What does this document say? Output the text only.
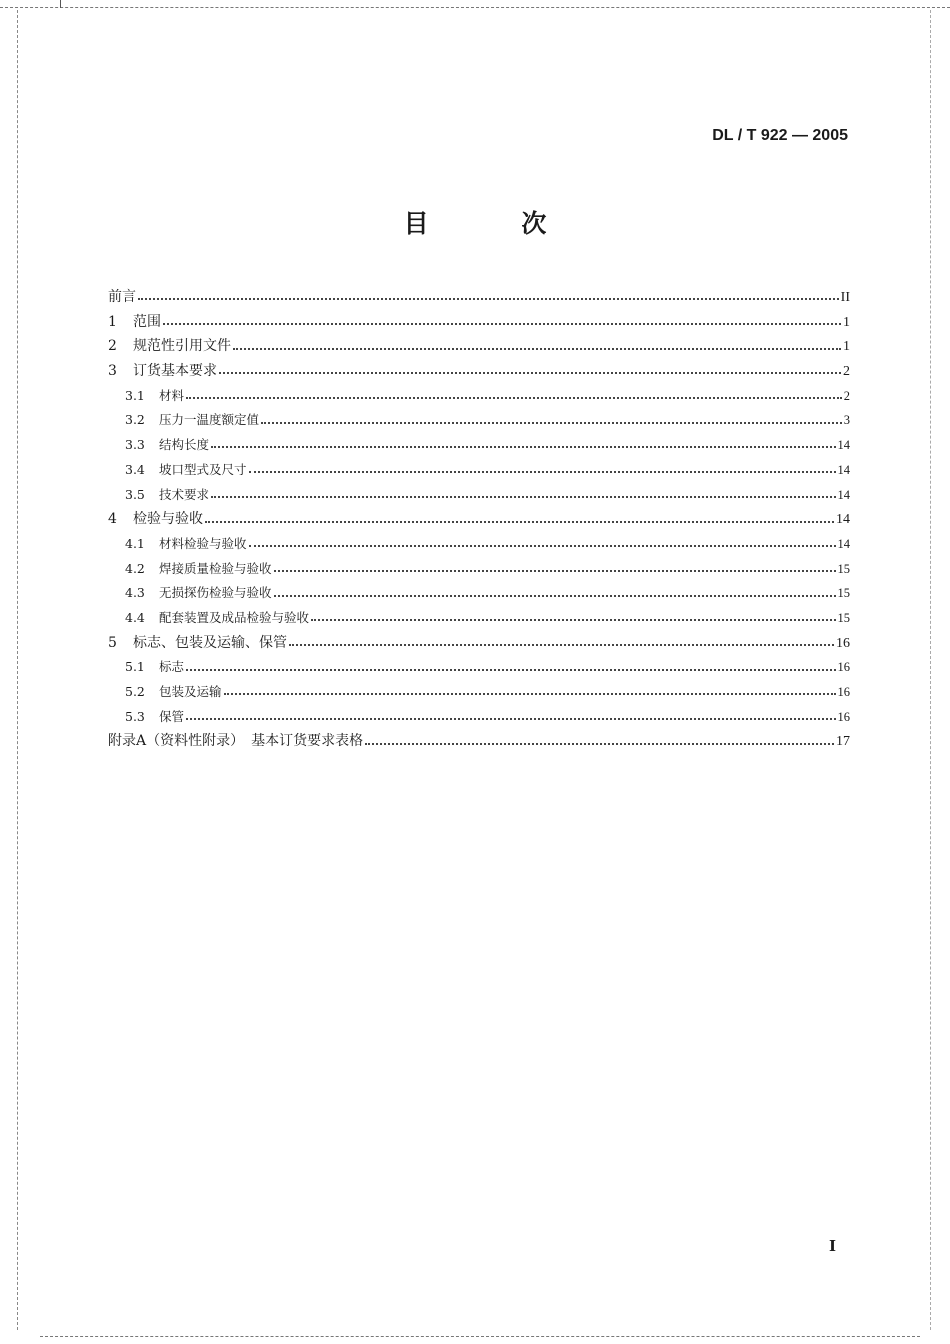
DL / T 922 — 2005
目 次
前言	II
1	范围	1
2	规范性引用文件	1
3	订货基本要求	2
3.1	材料	2
3.2	压力一温度额定值	3
3.3	结构长度	14
3.4	坡口型式及尺寸	14
3.5	技术要求	14
4	检验与验收	14
4.1	材料检验与验收	14
4.2	焊接质量检验与验收	15
4.3	无损探伤检验与验收	15
4.4	配套装置及成品检验与验收	15
5	标志、包装及运输、保管	16
5.1	标志	16
5.2	包装及运输	16
5.3	保管	16
附录A（资料性附录）　基本订货要求表格	17
I
